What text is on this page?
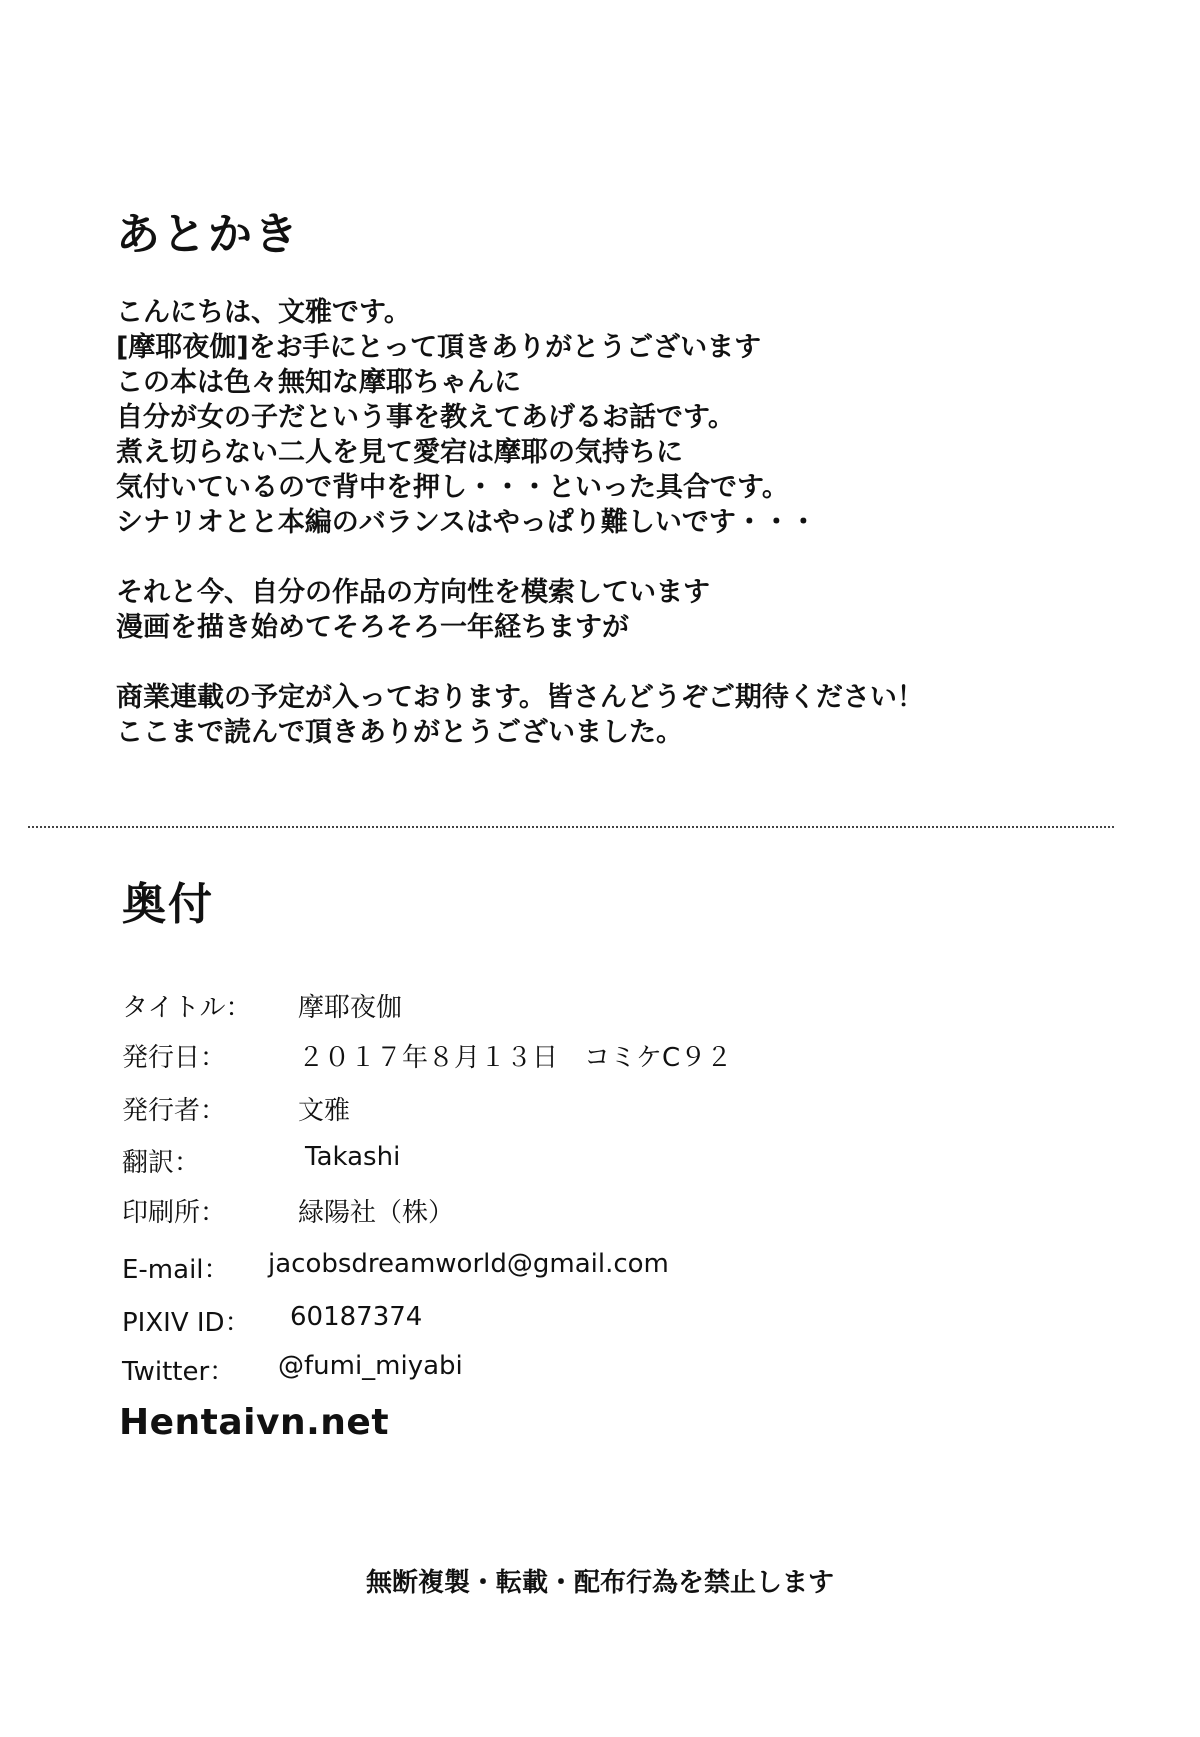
あとかき
こんにちは、文雅です。
[摩耶夜伽]をお手にとって頂きありがとうございます
この本は色々無知な摩耶ちゃんに
自分が女の子だという事を教えてあげるお話です。
煮え切らない二人を見て愛宕は摩耶の気持ちに
気付いているので背中を押し・・・といった具合です。
シナリオとと本編のバランスはやっぱり難しいです・・・
それと今、自分の作品の方向性を模索しています
漫画を描き始めてそろそろ一年経ちますが
商業連載の予定が入っております。皆さんどうぞご期待ください！
ここまで読んで頂きありがとうございました。
奥付
タイトル： 摩耶夜伽
発行日：	２０１７年８月１３日　コミケC９２
発行者：	文雅
翻訳：	Takashi
印刷所：	緑陽社（株）
E-mail： jacobsdreamworld@gmail.com
PIXIV ID： 60187374
Twitter： @fumi_miyabi
Hentaivn.net
無断複製・転載・配布行為を禁止します
